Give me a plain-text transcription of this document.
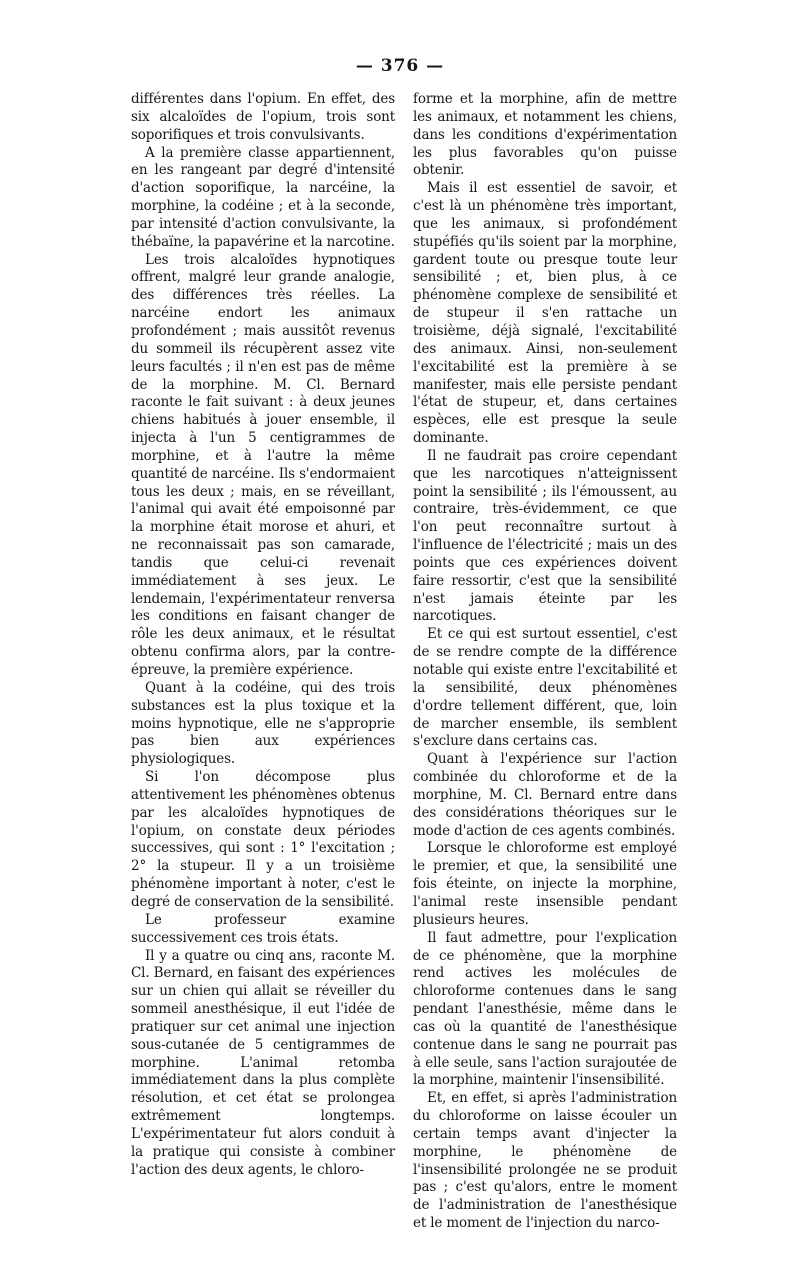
— 376 —

différentes dans l'opium. En effet, des six alcaloïdes de l'opium, trois sont soporifiques et trois convulsivants.

A la première classe appartiennent, en les rangeant par degré d'intensité d'action soporifique, la narcéine, la morphine, la codéine ; et à la seconde, par intensité d'action convulsivante, la thébaïne, la papavérine et la narcotine.

Les trois alcaloïdes hypnotiques offrent, malgré leur grande analogie, des différences très réelles. La narcéine endort les animaux profondément ; mais aussitôt revenus du sommeil ils récupèrent assez vite leurs facultés ; il n'en est pas de même de la morphine. M. Cl. Bernard raconte le fait suivant : à deux jeunes chiens habitués à jouer ensemble, il injecta à l'un 5 centigrammes de morphine, et à l'autre la même quantité de narcéine. Ils s'endormaient tous les deux ; mais, en se réveillant, l'animal qui avait été empoisonné par la morphine était morose et ahuri, et ne reconnaissait pas son camarade, tandis que celui-ci revenait immédiatement à ses jeux. Le lendemain, l'expérimentateur renversa les conditions en faisant changer de rôle les deux animaux, et le résultat obtenu confirma alors, par la contre-épreuve, la première expérience.

Quant à la codéine, qui des trois substances est la plus toxique et la moins hypnotique, elle ne s'approprie pas bien aux expériences physiologiques.

Si l'on décompose plus attentivement les phénomènes obtenus par les alcaloïdes hypnotiques de l'opium, on constate deux périodes successives, qui sont : 1° l'excitation ; 2° la stupeur. Il y a un troisième phénomène important à noter, c'est le degré de conservation de la sensibilité.

Le professeur examine successivement ces trois états.

Il y a quatre ou cinq ans, raconte M. Cl. Bernard, en faisant des expériences sur un chien qui allait se réveiller du sommeil anesthésique, il eut l'idée de pratiquer sur cet animal une injection sous-cutanée de 5 centigrammes de morphine. L'animal retomba immédiatement dans la plus complète résolution, et cet état se prolongea extrêmement longtemps. L'expérimentateur fut alors conduit à la pratique qui consiste à combiner l'action des deux agents, le chloro-

forme et la morphine, afin de mettre les animaux, et notamment les chiens, dans les conditions d'expérimentation les plus favorables qu'on puisse obtenir.

Mais il est essentiel de savoir, et c'est là un phénomène très important, que les animaux, si profondément stupéfiés qu'ils soient par la morphine, gardent toute ou presque toute leur sensibilité ; et, bien plus, à ce phénomène complexe de sensibilité et de stupeur il s'en rattache un troisième, déjà signalé, l'excitabilité des animaux. Ainsi, non-seulement l'excitabilité est la première à se manifester, mais elle persiste pendant l'état de stupeur, et, dans certaines espèces, elle est presque la seule dominante.

Il ne faudrait pas croire cependant que les narcotiques n'atteignissent point la sensibilité ; ils l'émoussent, au contraire, très-évidemment, ce que l'on peut reconnaître surtout à l'influence de l'électricité ; mais un des points que ces expériences doivent faire ressortir, c'est que la sensibilité n'est jamais éteinte par les narcotiques.

Et ce qui est surtout essentiel, c'est de se rendre compte de la différence notable qui existe entre l'excitabilité et la sensibilité, deux phénomènes d'ordre tellement différent, que, loin de marcher ensemble, ils semblent s'exclure dans certains cas.

Quant à l'expérience sur l'action combinée du chloroforme et de la morphine, M. Cl. Bernard entre dans des considérations théoriques sur le mode d'action de ces agents combinés.

Lorsque le chloroforme est employé le premier, et que, la sensibilité une fois éteinte, on injecte la morphine, l'animal reste insensible pendant plusieurs heures.

Il faut admettre, pour l'explication de ce phénomène, que la morphine rend actives les molécules de chloroforme contenues dans le sang pendant l'anesthésie, même dans le cas où la quantité de l'anesthésique contenue dans le sang ne pourrait pas à elle seule, sans l'action surajoutée de la morphine, maintenir l'insensibilité.

Et, en effet, si après l'administration du chloroforme on laisse écouler un certain temps avant d'injecter la morphine, le phénomène de l'insensibilité prolongée ne se produit pas ; c'est qu'alors, entre le moment de l'administration de l'anesthésique et le moment de l'injection du narco-
